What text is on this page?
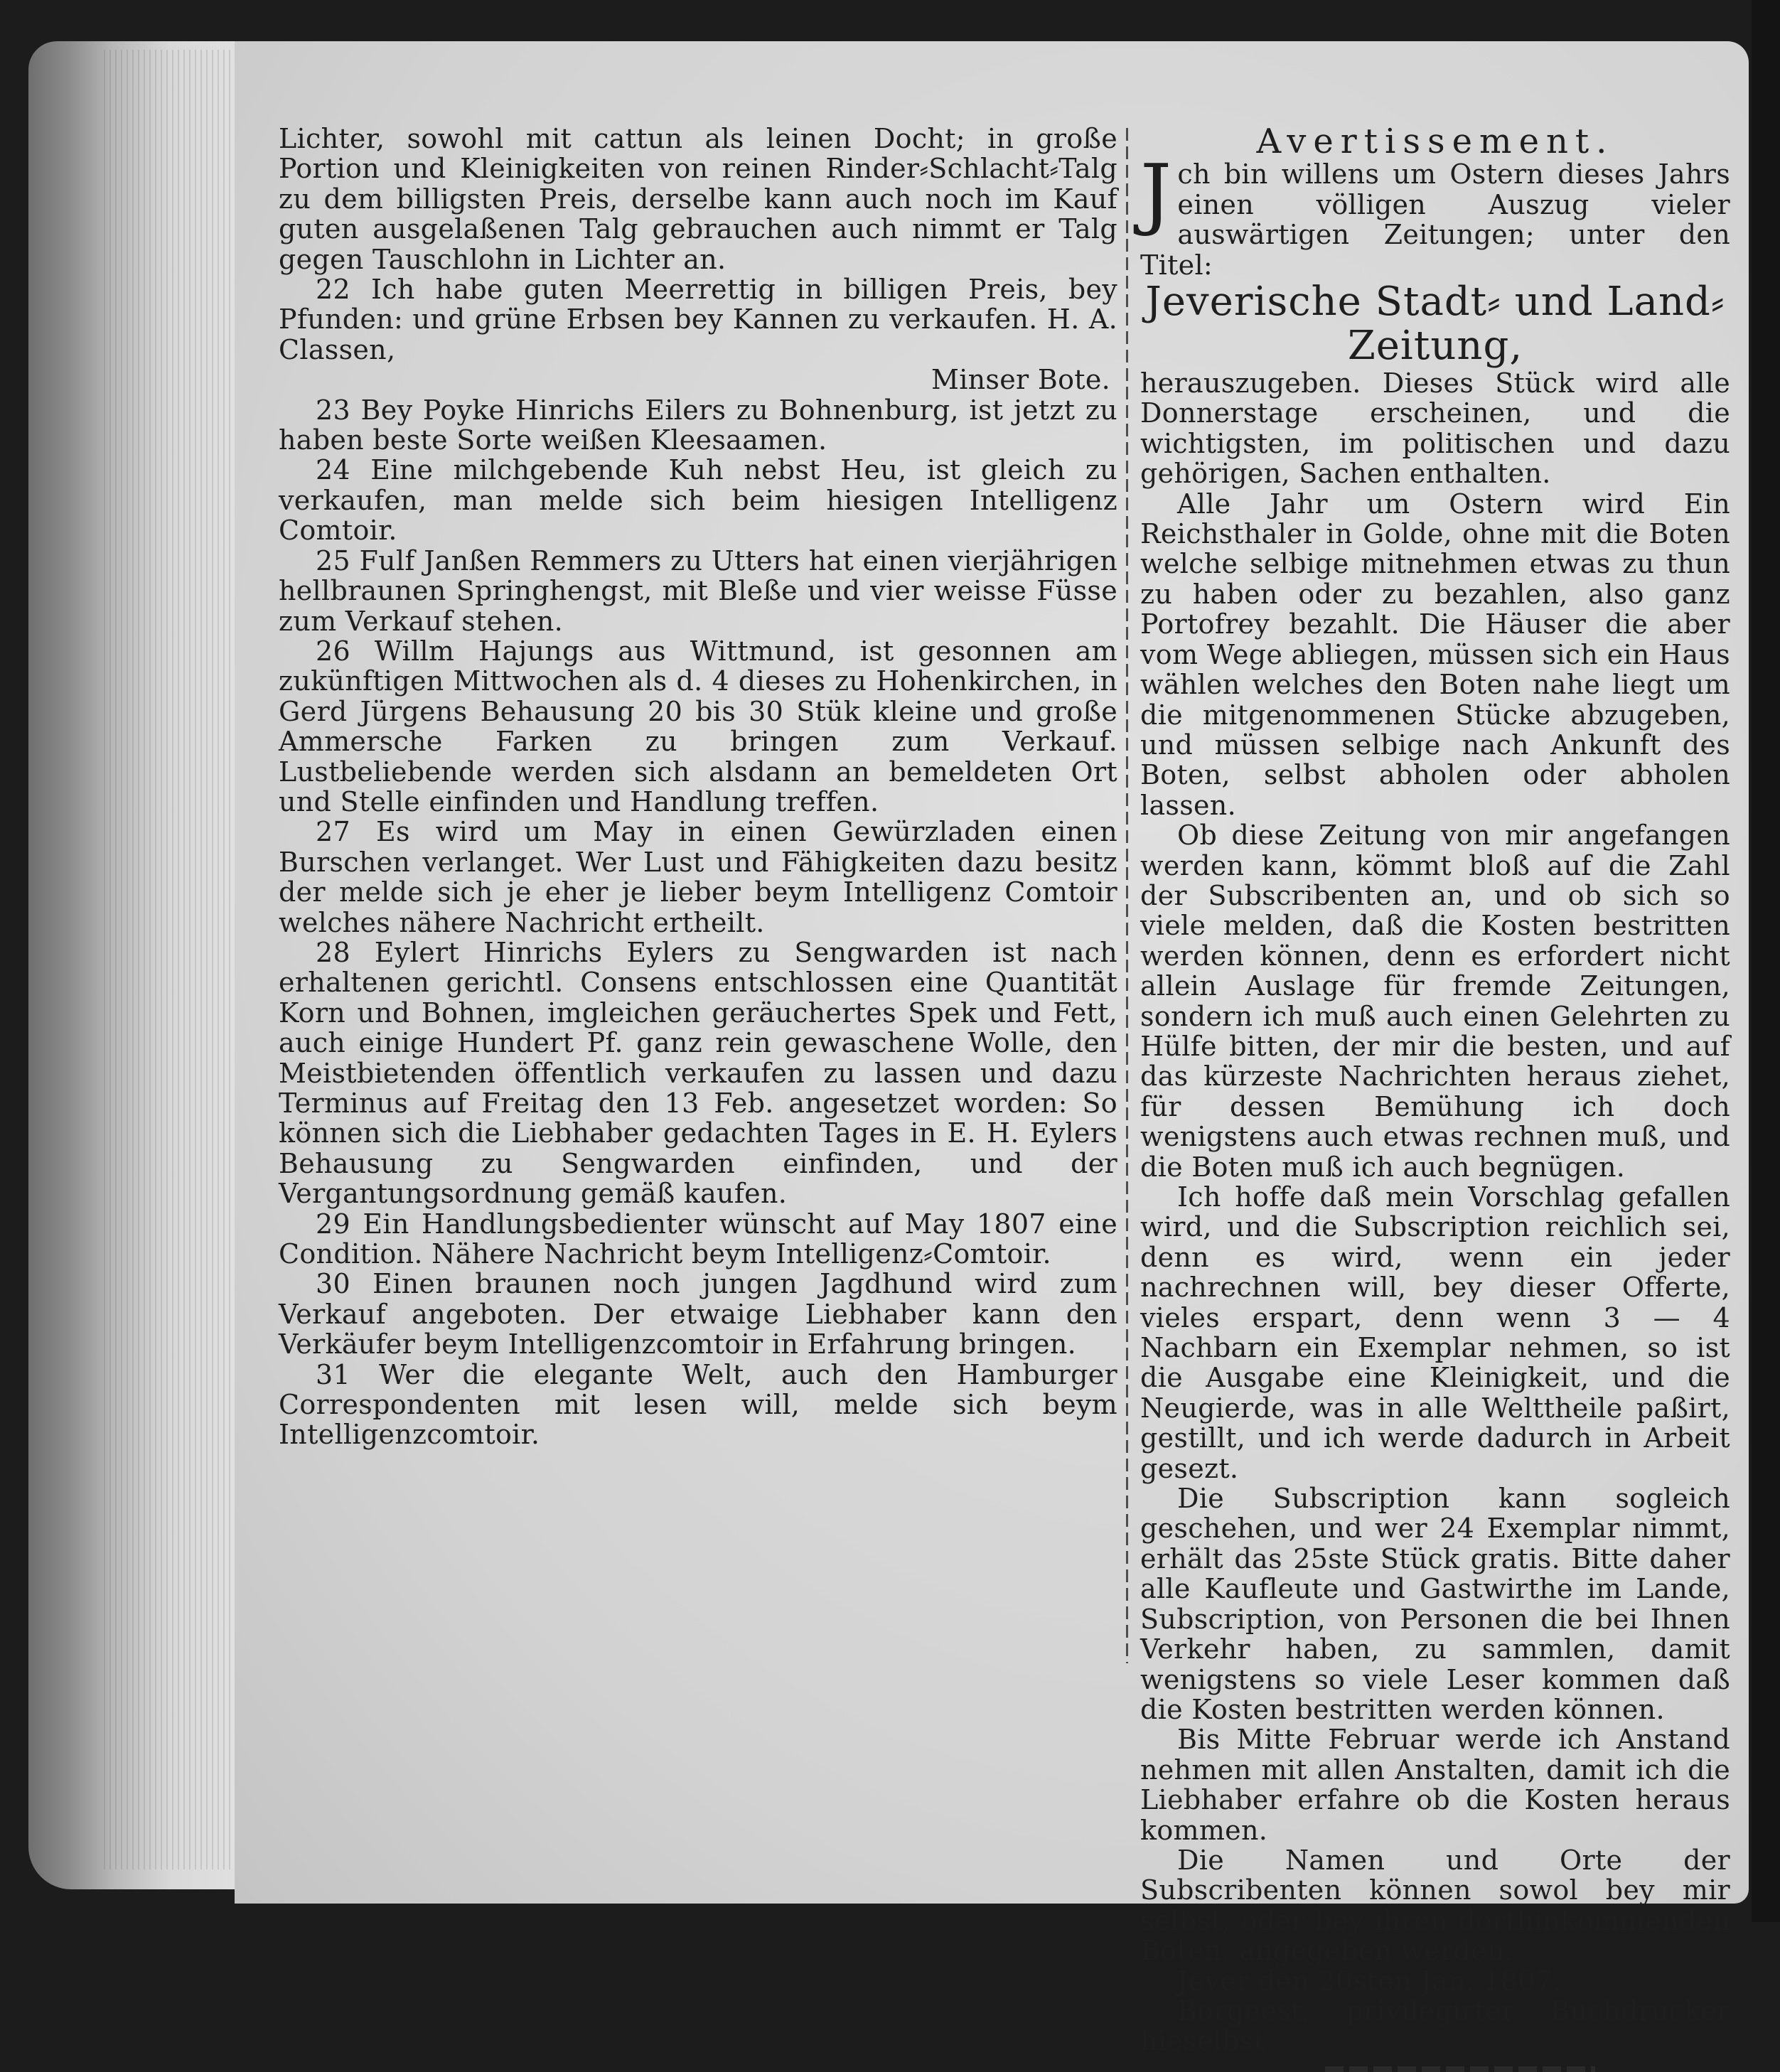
Lichter, sowohl mit cattun als leinen Docht; in große Portion und Kleinigkeiten von reinen Rinder⸗Schlacht⸗Talg zu dem billigsten Preis, derselbe kann auch noch im Kauf guten ausgelaßenen Talg gebrauchen auch nimmt er Talg gegen Tauschlohn in Lichter an.

22 Ich habe guten Meerrettig in billigen Preis, bey Pfunden: und grüne Erbsen bey Kannen zu verkaufen. H. A. Classen,

Minser Bote.

23 Bey Poyke Hinrichs Eilers zu Bohnenburg, ist jetzt zu haben beste Sorte weißen Kleesaamen.

24 Eine milchgebende Kuh nebst Heu, ist gleich zu verkaufen, man melde sich beim hiesigen Intelligenz Comtoir.

25 Fulf Janßen Remmers zu Utters hat einen vierjährigen hellbraunen Springhengst, mit Bleße und vier weisse Füsse zum Verkauf stehen.

26 Willm Hajungs aus Wittmund, ist gesonnen am zukünftigen Mittwochen als d. 4 dieses zu Hohenkirchen, in Gerd Jürgens Behausung 20 bis 30 Stük kleine und große Ammersche Farken zu bringen zum Verkauf. Lustbeliebende werden sich alsdann an bemeldeten Ort und Stelle einfinden und Handlung treffen.

27 Es wird um May in einen Gewürzladen einen Burschen verlanget. Wer Lust und Fähigkeiten dazu besitz der melde sich je eher je lieber beym Intelligenz Comtoir welches nähere Nachricht ertheilt.

28 Eylert Hinrichs Eylers zu Sengwarden ist nach erhaltenen gerichtl. Consens entschlossen eine Quantität Korn und Bohnen, imgleichen geräuchertes Spek und Fett, auch einige Hundert Pf. ganz rein gewaschene Wolle, den Meistbietenden öffentlich verkaufen zu lassen und dazu Terminus auf Freitag den 13 Feb. angesetzet worden: So können sich die Liebhaber gedachten Tages in E. H. Eylers Behausung zu Sengwarden einfinden, und der Vergantungsordnung gemäß kaufen.

29 Ein Handlungsbedienter wünscht auf May 1807 eine Condition. Nähere Nachricht beym Intelligenz⸗Comtoir.

30 Einen braunen noch jungen Jagdhund wird zum Verkauf angeboten. Der etwaige Liebhaber kann den Verkäufer beym Intelligenzcomtoir in Erfahrung bringen.

31 Wer die elegante Welt, auch den Hamburger Correspondenten mit lesen will, melde sich beym Intelligenzcomtoir.

Avertissement.

Jch bin willens um Ostern dieses Jahrs einen völligen Auszug vieler auswärtigen Zeitungen; unter den Titel:

Jeverische Stadt⸗ und Land⸗Zeitung,

herauszugeben. Dieses Stück wird alle Donnerstage erscheinen, und die wichtigsten, im politischen und dazu gehörigen, Sachen enthalten.

Alle Jahr um Ostern wird Ein Reichsthaler in Golde, ohne mit die Boten welche selbige mitnehmen etwas zu thun zu haben oder zu bezahlen, also ganz Portofrey bezahlt. Die Häuser die aber vom Wege abliegen, müssen sich ein Haus wählen welches den Boten nahe liegt um die mitgenommenen Stücke abzugeben, und müssen selbige nach Ankunft des Boten, selbst abholen oder abholen lassen.

Ob diese Zeitung von mir angefangen werden kann, kömmt bloß auf die Zahl der Subscribenten an, und ob sich so viele melden, daß die Kosten bestritten werden können, denn es erfordert nicht allein Auslage für fremde Zeitungen, sondern ich muß auch einen Gelehrten zu Hülfe bitten, der mir die besten, und auf das kürzeste Nachrichten heraus ziehet, für dessen Bemühung ich doch wenigstens auch etwas rechnen muß, und die Boten muß ich auch begnügen.

Ich hoffe daß mein Vorschlag gefallen wird, und die Subscription reichlich sei, denn es wird, wenn ein jeder nachrechnen will, bey dieser Offerte, vieles erspart, denn wenn 3 — 4 Nachbarn ein Exemplar nehmen, so ist die Ausgabe eine Kleinigkeit, und die Neugierde, was in alle Welttheile paßirt, gestillt, und ich werde dadurch in Arbeit gesezt.

Die Subscription kann sogleich geschehen, und wer 24 Exemplar nimmt, erhält das 25ste Stück gratis. Bitte daher alle Kaufleute und Gastwirthe im Lande, Subscription, von Personen die bei Ihnen Verkehr haben, zu sammlen, damit wenigstens so viele Leser kommen daß die Kosten bestritten werden können.

Bis Mitte Februar werde ich Anstand nehmen mit allen Anstalten, damit ich die Liebhaber erfahre ob die Kosten heraus kommen.

Die Namen und Orte der Subscribenten können sowol bey mir selbst, oder bey ihren dorthinkommenden Boten, angegeben werden.

Jever den 20sten Jan. 1807.

Borgeest, privilegirter Buchdrucker hieselbst
